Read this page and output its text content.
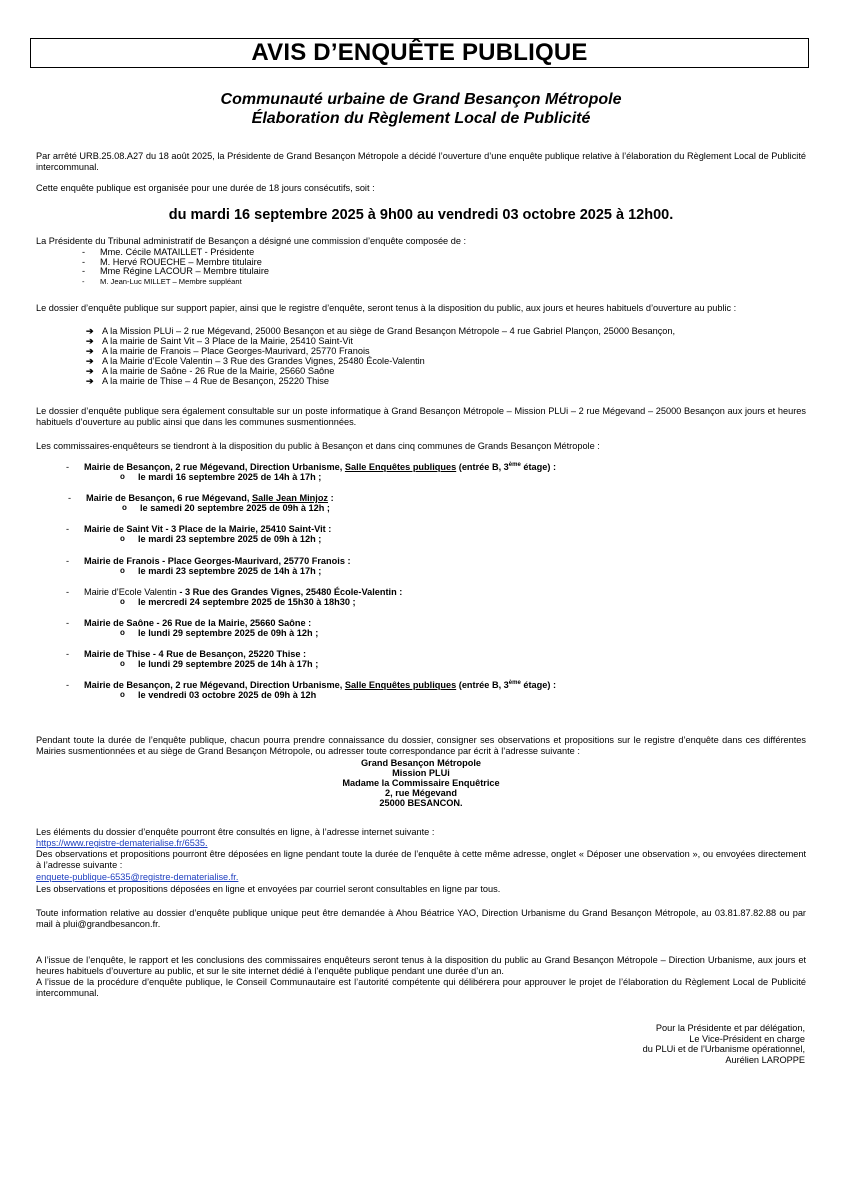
AVIS D’ENQUÊTE PUBLIQUE
Communauté urbaine de Grand Besançon Métropole
Élaboration du Règlement Local de Publicité
Par arrêté URB.25.08.A27 du 18 août 2025, la Présidente de Grand Besançon Métropole a décidé l’ouverture d’une enquête publique relative à l’élaboration du Règlement Local de Publicité intercommunal.
Cette enquête publique est organisée pour une durée de 18 jours consécutifs, soit :
du mardi 16 septembre 2025 à 9h00 au vendredi 03 octobre 2025 à 12h00.
La Présidente du Tribunal administratif de Besançon a désigné une commission d’enquête composée de :
- Mme. Cécile MATAILLET - Présidente
- M. Hervé ROUECHE – Membre titulaire
- Mme Régine LACOUR – Membre titulaire
- M. Jean-Luc MILLET – Membre suppléant
Le dossier d’enquête publique sur support papier, ainsi que le registre d’enquête, seront tenus à la disposition du public, aux jours et heures habituels d’ouverture au public :
➔ A la Mission PLUi – 2 rue Mégevand, 25000 Besançon et au siège de Grand Besançon Métropole – 4 rue Gabriel Plançon, 25000 Besançon,
➔ A la mairie de Saint Vit – 3 Place de la Mairie, 25410 Saint-Vit
➔ A la mairie de Franois – Place Georges-Maurivard, 25770 Franois
➔ A la Mairie d’Ecole Valentin – 3 Rue des Grandes Vignes, 25480 École-Valentin
➔ A la mairie de Saône - 26 Rue de la Mairie, 25660 Saône
➔ A la mairie de Thise – 4 Rue de Besançon, 25220 Thise
Le dossier d’enquête publique sera également consultable sur un poste informatique à Grand Besançon Métropole – Mission PLUi – 2 rue Mégevand – 25000 Besançon aux jours et heures habituels d’ouverture au public ainsi que dans les communes susmentionnées.
Les commissaires-enquêteurs se tiendront à la disposition du public à Besançon et dans cinq communes de Grands Besançon Métropole :
- Mairie de Besançon, 2 rue Mégevand, Direction Urbanisme, Salle Enquêtes publiques (entrée B, 3ème étage) :
o le mardi 16 septembre 2025 de 14h à 17h ;
- Mairie de Besançon, 6 rue Mégevand, Salle Jean Minjoz :
o le samedi 20 septembre 2025 de 09h à 12h ;
- Mairie de Saint Vit - 3 Place de la Mairie, 25410 Saint-Vit :
o le mardi 23 septembre 2025 de 09h à 12h ;
- Mairie de Franois - Place Georges-Maurivard, 25770 Franois :
o le mardi 23 septembre 2025 de 14h à 17h ;
- Mairie d’Ecole Valentin - 3 Rue des Grandes Vignes, 25480 École-Valentin :
o le mercredi 24 septembre 2025 de 15h30 à 18h30 ;
- Mairie de Saône - 26 Rue de la Mairie, 25660 Saône :
o le lundi 29 septembre 2025 de 09h à 12h ;
- Mairie de Thise - 4 Rue de Besançon, 25220 Thise :
o le lundi 29 septembre 2025 de 14h à 17h ;
- Mairie de Besançon, 2 rue Mégevand, Direction Urbanisme, Salle Enquêtes publiques (entrée B, 3ème étage) :
o le vendredi 03 octobre 2025 de 09h à 12h
Pendant toute la durée de l’enquête publique, chacun pourra prendre connaissance du dossier, consigner ses observations et propositions sur le registre d’enquête dans ces différentes Mairies susmentionnées et au siège de Grand Besançon Métropole, ou adresser toute correspondance par écrit à l’adresse suivante :
Grand Besançon Métropole
Mission PLUi
Madame la Commissaire Enquêtrice
2, rue Mégevand
25000 BESANCON.
Les éléments du dossier d’enquête pourront être consultés en ligne, à l’adresse internet suivante :
https://www.registre-dematerialise.fr/6535.
Des observations et propositions pourront être déposées en ligne pendant toute la durée de l’enquête à cette même adresse, onglet « Déposer une observation », ou envoyées directement à l’adresse suivante :
enquete-publique-6535@registre-dematerialise.fr.
Les observations et propositions déposées en ligne et envoyées par courriel seront consultables en ligne par tous.
Toute information relative au dossier d’enquête publique unique peut être demandée à Ahou Béatrice YAO, Direction Urbanisme du Grand Besançon Métropole, au 03.81.87.82.88 ou par mail à plui@grandbesancon.fr.
A l’issue de l’enquête, le rapport et les conclusions des commissaires enquêteurs seront tenus à la disposition du public au Grand Besançon Métropole – Direction Urbanisme, aux jours et heures habituels d’ouverture au public, et sur le site internet dédié à l’enquête publique pendant une durée d’un an.
A l’issue de la procédure d’enquête publique, le Conseil Communautaire est l’autorité compétente qui délibérera pour approuver le projet de l’élaboration du Règlement Local de Publicité intercommunal.
Pour la Présidente et par délégation,
Le Vice-Président en charge
du PLUi et de l’Urbanisme opérationnel,
Aurélien LAROPPE
